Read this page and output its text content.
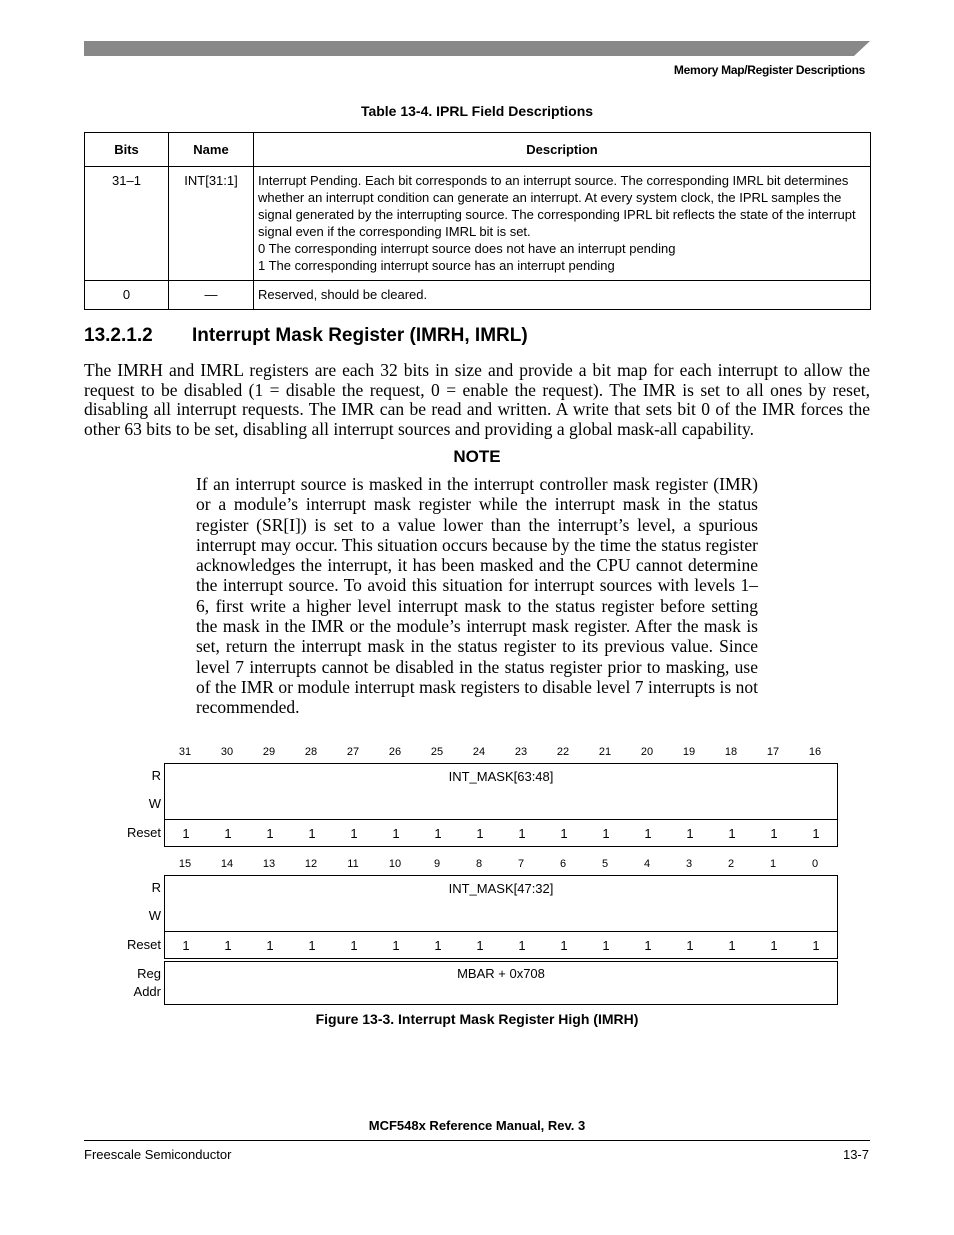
Memory Map/Register Descriptions
Table 13-4. IPRL Field Descriptions
Bits	Name	Description
31–1	INT[31:1]	Interrupt Pending. Each bit corresponds to an interrupt source. The corresponding IMRL bit determines whether an interrupt condition can generate an interrupt. At every system clock, the IPRL samples the signal generated by the interrupting source. The corresponding IPRL bit reflects the state of the interrupt signal even if the corresponding IMRL bit is set.
0 The corresponding interrupt source does not have an interrupt pending
1 The corresponding interrupt source has an interrupt pending

0	—	Reserved, should be cleared.
13.2.1.2 Interrupt Mask Register (IMRH, IMRL)
The IMRH and IMRL registers are each 32 bits in size and provide a bit map for each interrupt to allow the request to be disabled (1 = disable the request, 0 = enable the request). The IMR is set to all ones by reset, disabling all interrupt requests. The IMR can be read and written. A write that sets bit 0 of the IMR forces the other 63 bits to be set, disabling all interrupt sources and providing a global mask-all capability.
NOTE
If an interrupt source is masked in the interrupt controller mask register (IMR) or a module’s interrupt mask register while the interrupt mask in the status register (SR[I]) is set to a value lower than the interrupt’s level, a spurious interrupt may occur. This situation occurs because by the time the status register acknowledges the interrupt, it has been masked and the CPU cannot determine the interrupt source. To avoid this situation for interrupt sources with levels 1–6, first write a higher level interrupt mask to the status register before setting the mask in the IMR or the module’s interrupt mask register. After the mask is set, return the interrupt mask in the status register to its previous value. Since level 7 interrupts cannot be disabled in the status register prior to masking, use of the IMR or module interrupt mask registers to disable level 7 interrupts is not recommended.
31	30	29	28	27	26	25	24	23	22	21	20	19	18	17	16
R
W
Reset
INT_MASK[63:48]
1	1	1	1	1	1	1	1	1	1	1	1	1	1	1	1
15	14	13	12	11	10	9	8	7	6	5	4	3	2	1	0
R
W
Reset
INT_MASK[47:32]
1	1	1	1	1	1	1	1	1	1	1	1	1	1	1	1
Reg
Addr
MBAR + 0x708
Figure 13-3. Interrupt Mask Register High (IMRH)
MCF548x Reference Manual, Rev. 3
Freescale Semiconductor	13-7
